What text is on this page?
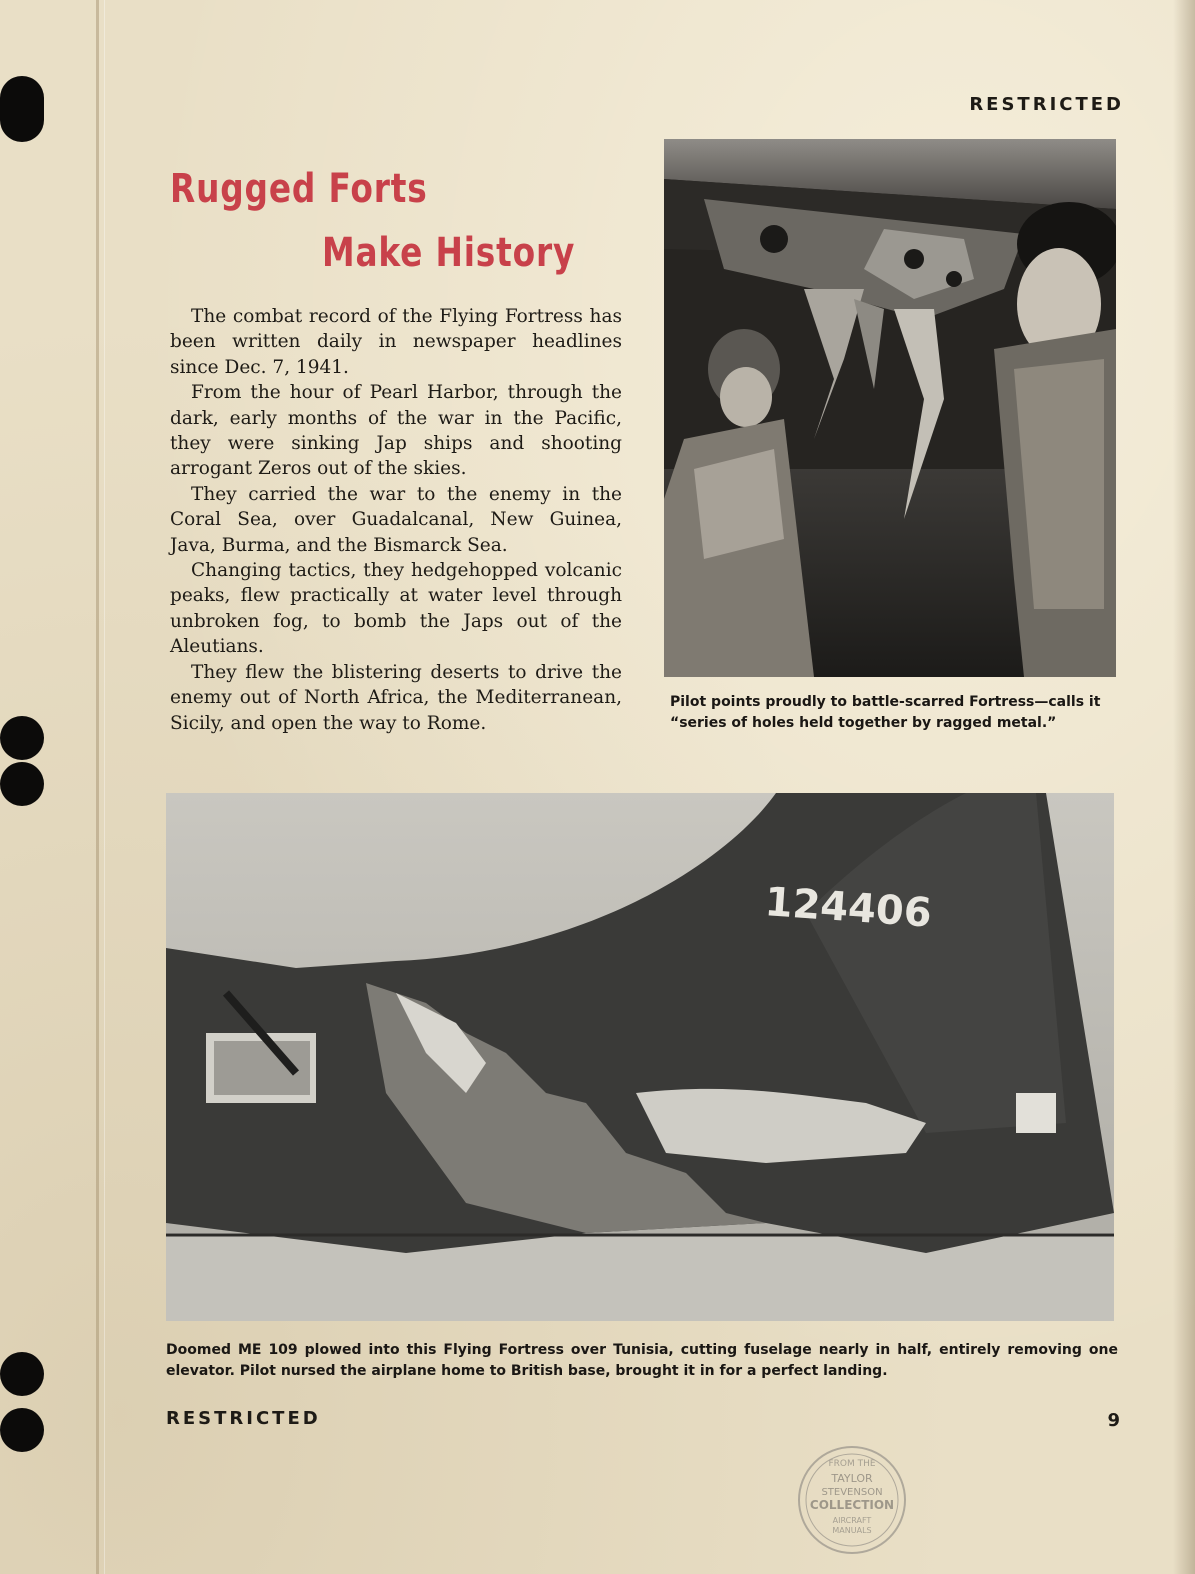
RESTRICTED
Rugged Forts
Make History

The combat record of the Flying Fortress has been written daily in newspaper headlines since Dec. 7, 1941.

From the hour of Pearl Harbor, through the dark, early months of the war in the Pacific, they were sinking Jap ships and shooting arrogant Zeros out of the skies.

They carried the war to the enemy in the Coral Sea, over Guadalcanal, New Guinea, Java, Burma, and the Bismarck Sea.

Changing tactics, they hedgehopped volcanic peaks, flew practically at water level through unbroken fog, to bomb the Japs out of the Aleutians.

They flew the blistering deserts to drive the enemy out of North Africa, the Mediterranean, Sicily, and open the way to Rome.

Pilot points proudly to battle-scarred Fortress—calls it
“series of holes held together by ragged metal.”
124406
Doomed ME 109 plowed into this Flying Fortress over Tunisia, cutting fuselage nearly in half, entirely removing one elevator. Pilot nursed the airplane home to British base, brought it in for a perfect landing.
RESTRICTED	9
FROM THE
TAYLOR
STEVENSON
COLLECTION
AIRCRAFT
MANUALS
